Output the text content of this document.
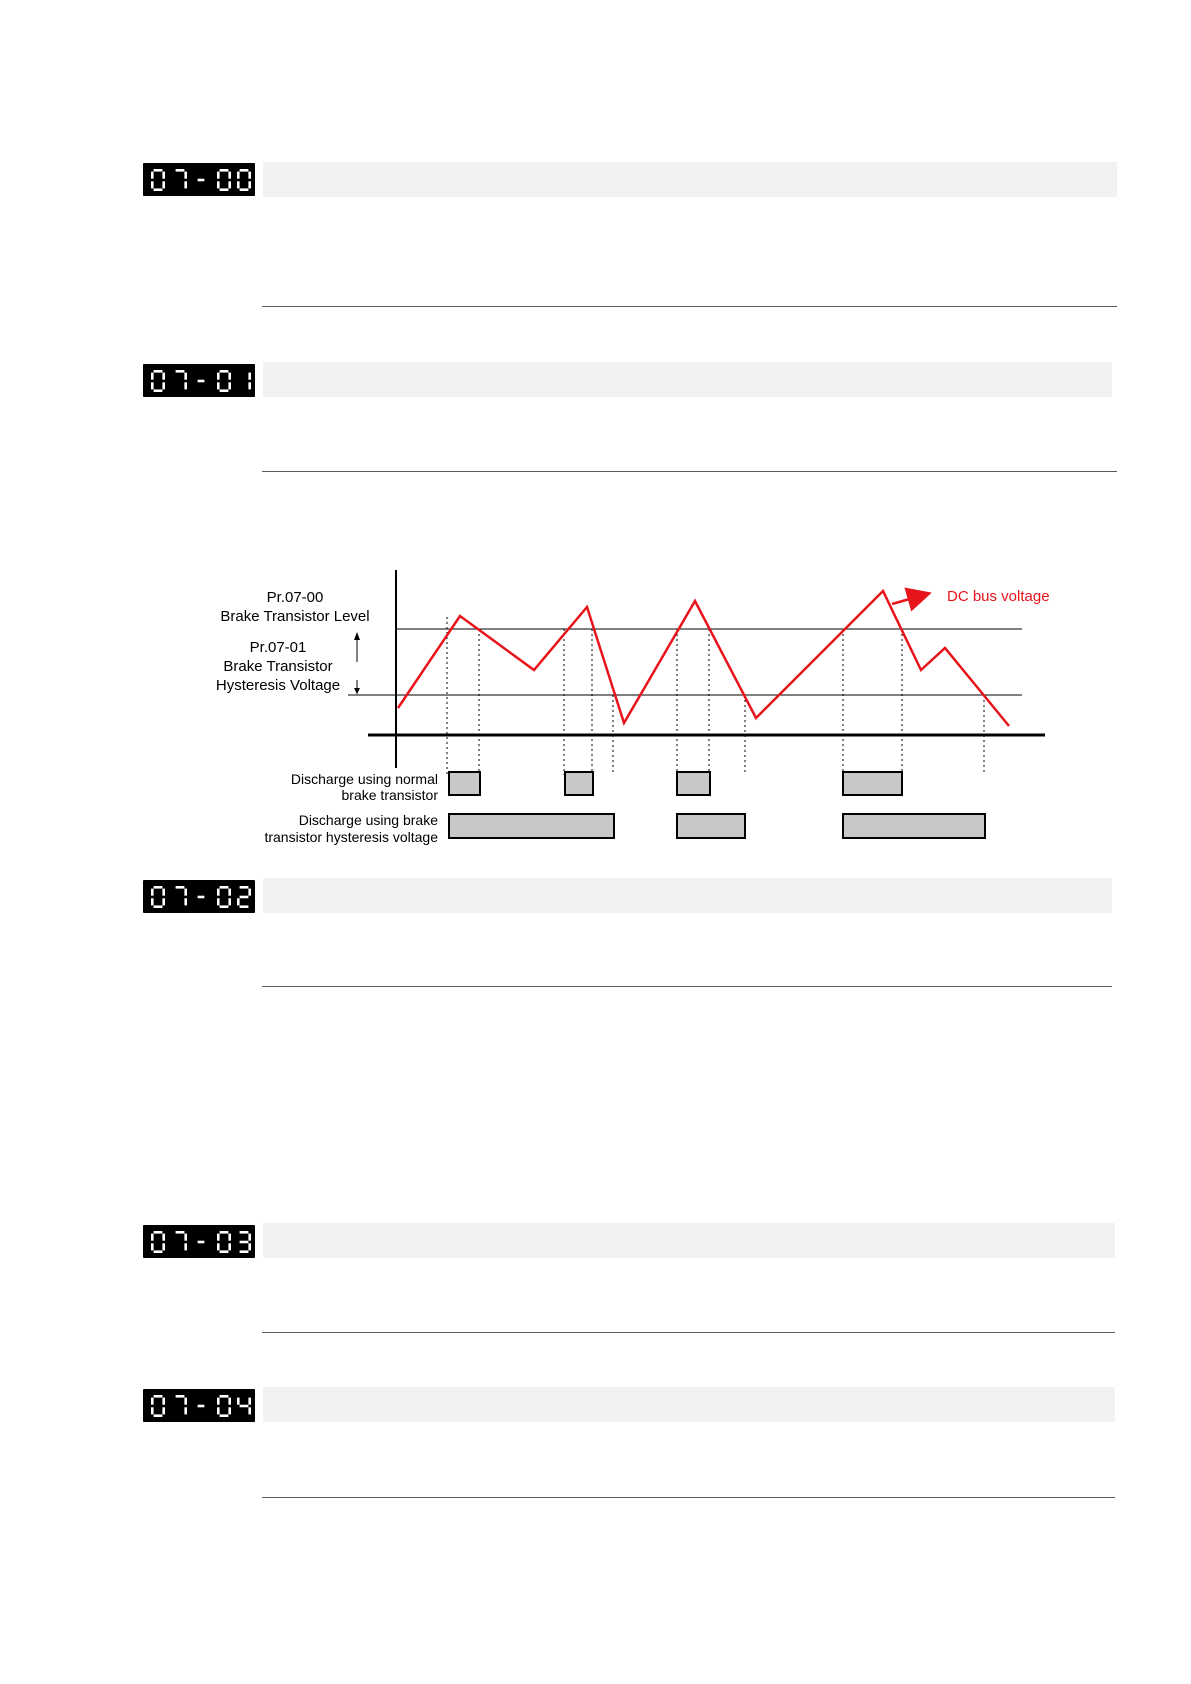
07-00
07-01
Pr.07-00
Brake Transistor Level
Pr.07-01
Brake Transistor
Hysteresis Voltage
DC bus voltage
Discharge using normal
brake transistor
Discharge using brake
transistor hysteresis voltage
07-02
07-03
07-04
